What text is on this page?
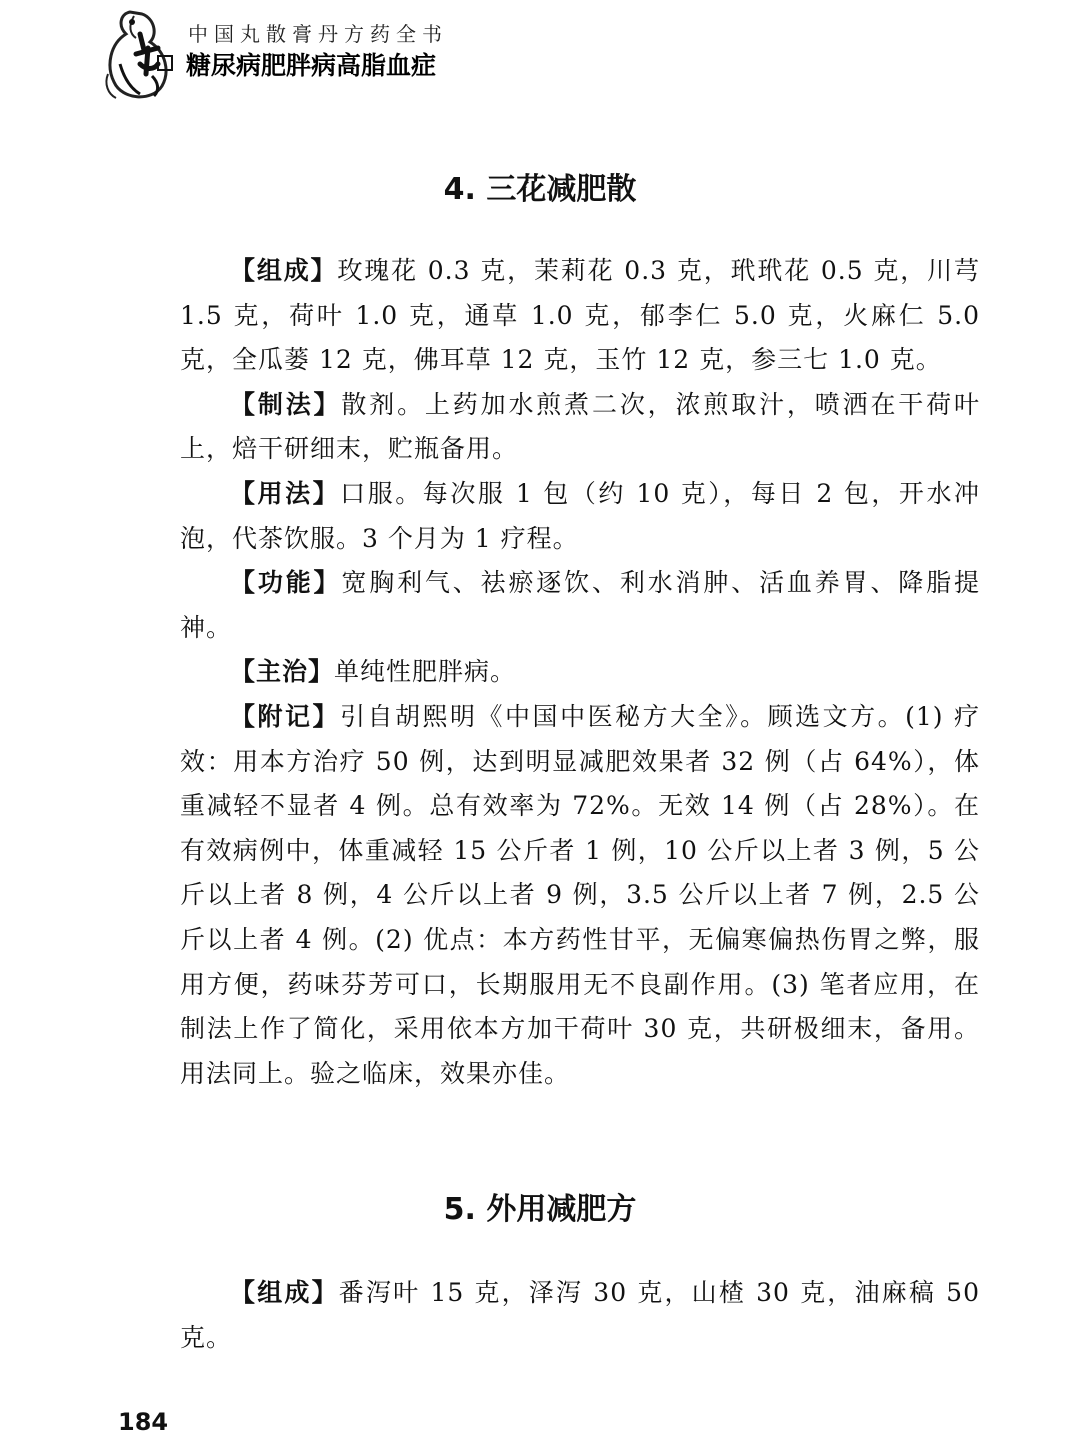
中国丸散膏丹方药全书
糖尿病肥胖病高脂血症
4. 三花减肥散

【组成】玫瑰花 0.3 克，茉莉花 0.3 克，玳玳花 0.5 克，川芎 1.5 克，荷叶 1.0 克，通草 1.0 克，郁李仁 5.0 克，火麻仁 5.0 克，全瓜蒌 12 克，佛耳草 12 克，玉竹 12 克，参三七 1.0 克。

【制法】散剂。上药加水煎煮二次，浓煎取汁，喷洒在干荷叶上，焙干研细末，贮瓶备用。

【用法】口服。每次服 1 包（约 10 克），每日 2 包，开水冲泡，代茶饮服。3 个月为 1 疗程。

【功能】宽胸利气、祛瘀逐饮、利水消肿、活血养胃、降脂提神。

【主治】单纯性肥胖病。

【附记】引自胡熙明《中国中医秘方大全》。顾选文方。(1) 疗效：用本方治疗 50 例，达到明显减肥效果者 32 例（占 64%），体重减轻不显者 4 例。总有效率为 72%。无效 14 例（占 28%）。在有效病例中，体重减轻 15 公斤者 1 例，10 公斤以上者 3 例，5 公斤以上者 8 例，4 公斤以上者 9 例，3.5 公斤以上者 7 例，2.5 公斤以上者 4 例。(2) 优点：本方药性甘平，无偏寒偏热伤胃之弊，服用方便，药味芬芳可口，长期服用无不良副作用。(3) 笔者应用，在制法上作了简化，采用依本方加干荷叶 30 克，共研极细末，备用。用法同上。验之临床，效果亦佳。

5. 外用减肥方

【组成】番泻叶 15 克，泽泻 30 克，山楂 30 克，油麻稿 50 克。

184
